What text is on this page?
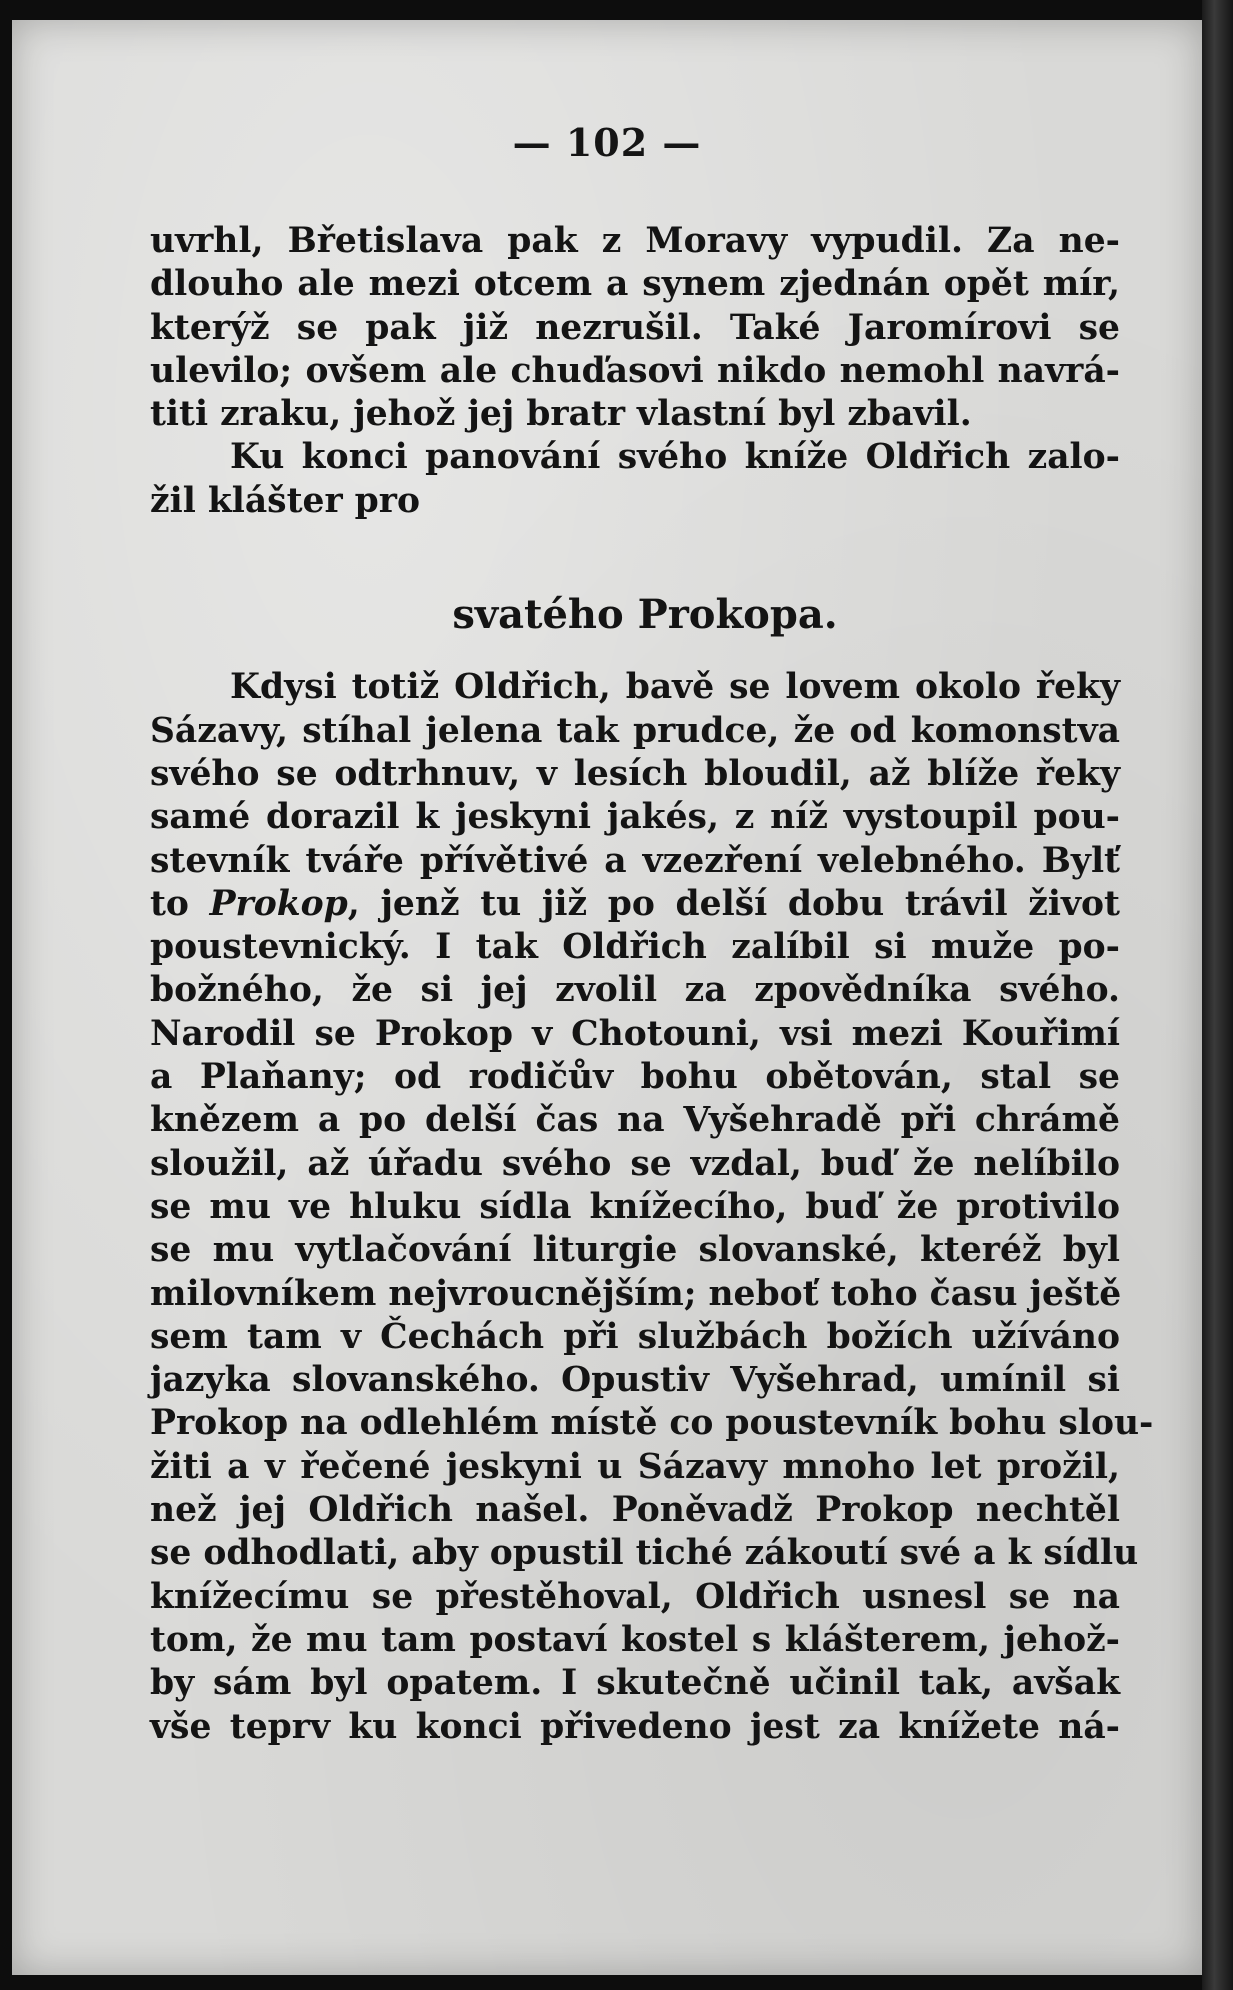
— 102 —
uvrhl, Břetislava pak z Moravy vypudil. Za ne-
dlouho ale mezi otcem a synem zjednán opět mír,
kterýž se pak již nezrušil. Také Jaromírovi se
ulevilo; ovšem ale chuďasovi nikdo nemohl navrá-
titi zraku, jehož jej bratr vlastní byl zbavil.
Ku konci panování svého kníže Oldřich zalo-
žil klášter pro
svatého Prokopa.
Kdysi totiž Oldřich, bavě se lovem okolo řeky
Sázavy, stíhal jelena tak prudce, že od komonstva
svého se odtrhnuv, v lesích bloudil, až blíže řeky
samé dorazil k jeskyni jakés, z níž vystoupil pou-
stevník tváře přívětivé a vzezření velebného. Bylť
to Prokop, jenž tu již po delší dobu trávil život
poustevnický. I tak Oldřich zalíbil si muže po-
božného, že si jej zvolil za zpovědníka svého.
Narodil se Prokop v Chotouni, vsi mezi Kouřimí
a Plaňany; od rodičův bohu obětován, stal se
knězem a po delší čas na Vyšehradě při chrámě
sloužil, až úřadu svého se vzdal, buď že nelíbilo
se mu ve hluku sídla knížecího, buď že protivilo
se mu vytlačování liturgie slovanské, kteréž byl
milovníkem nejvroucnějším; neboť toho času ještě
sem tam v Čechách při službách božích užíváno
jazyka slovanského. Opustiv Vyšehrad, umínil si
Prokop na odlehlém místě co poustevník bohu slou-
žiti a v řečené jeskyni u Sázavy mnoho let prožil,
než jej Oldřich našel. Poněvadž Prokop nechtěl
se odhodlati, aby opustil tiché zákoutí své a k sídlu
knížecímu se přestěhoval, Oldřich usnesl se na
tom, že mu tam postaví kostel s klášterem, jehož-
by sám byl opatem. I skutečně učinil tak, avšak
vše teprv ku konci přivedeno jest za knížete ná-
